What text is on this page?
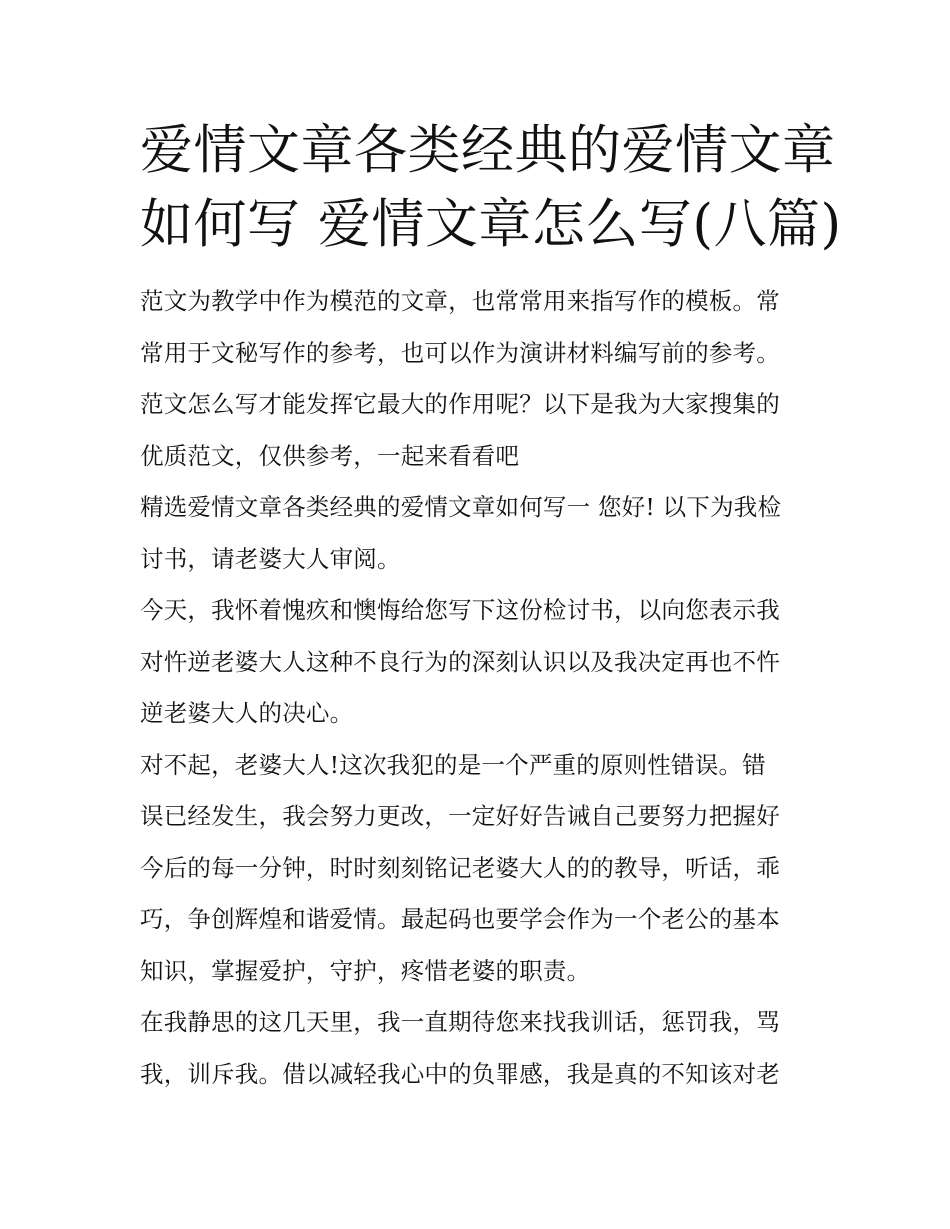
爱情文章各类经典的爱情文章
如何写 爱情文章怎么写(八篇)
范文为教学中作为模范的文章，也常常用来指写作的模板。常
常用于文秘写作的参考，也可以作为演讲材料编写前的参考。
范文怎么写才能发挥它最大的作用呢？以下是我为大家搜集的
优质范文，仅供参考，一起来看看吧
精选爱情文章各类经典的爱情文章如何写一 您好! 以下为我检
讨书，请老婆大人审阅。
今天，我怀着愧疚和懊悔给您写下这份检讨书，以向您表示我
对忤逆老婆大人这种不良行为的深刻认识以及我决定再也不忤
逆老婆大人的决心。
对不起，老婆大人!这次我犯的是一个严重的原则性错误。错
误已经发生，我会努力更改，一定好好告诫自己要努力把握好
今后的每一分钟，时时刻刻铭记老婆大人的的教导，听话，乖
巧，争创辉煌和谐爱情。最起码也要学会作为一个老公的基本
知识，掌握爱护，守护，疼惜老婆的职责。
在我静思的这几天里，我一直期待您来找我训话，惩罚我，骂
我，训斥我。借以减轻我心中的负罪感，我是真的不知该对老
